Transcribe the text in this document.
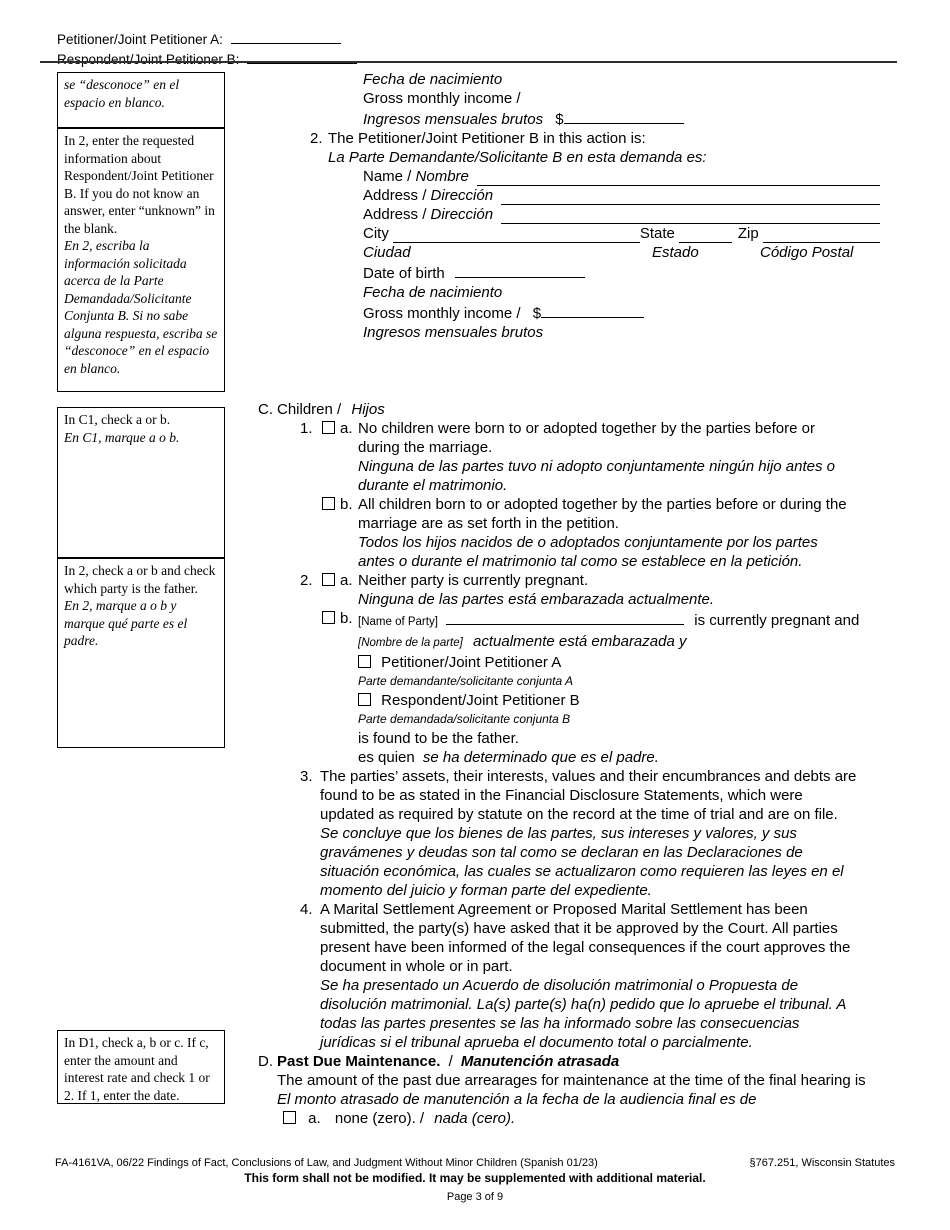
Petitioner/Joint Petitioner A:
Respondent/Joint Petitioner B:
se “desconoce” en el espacio en blanco.
In 2, enter the requested information about Respondent/Joint Petitioner B. If you do not know an answer, enter “unknown” in the blank.
En 2, escriba la información solicitada acerca de la Parte Demandada/Solicitante Conjunta B. Si no sabe alguna respuesta, escriba se “desconoce” en el espacio en blanco.
In C1, check a or b.
En C1, marque a o b.
In 2, check a or b and check which party is the father.
En 2, marque a o b y marque qué parte es el padre.
In D1, check a, b or c. If c, enter the amount and interest rate and check 1 or 2. If 1, enter the date.
Fecha de nacimiento
Gross monthly income /
Ingresos mensuales brutos $
2. The Petitioner/Joint Petitioner B in this action is:
La Parte Demandante/Solicitante B en esta demanda es:
Name / Nombre
Address / Dirección
Address / Dirección
City	State	Zip
Ciudad	Estado	Código Postal
Date of birth
Fecha de nacimiento
Gross monthly income / $
Ingresos mensuales brutos
C. Children / Hijos
1. a. No children were born to or adopted together by the parties before or
during the marriage.
Ninguna de las partes tuvo ni adopto conjuntamente ningún hijo antes o
durante el matrimonio.
b. All children born to or adopted together by the parties before or during the
marriage are as set forth in the petition.
Todos los hijos nacidos de o adoptados conjuntamente por los partes
antes o durante el matrimonio tal como se establece en la petición.
2. a. Neither party is currently pregnant.
Ninguna de las partes está embarazada actualmente.
b. [Name of Party]	is currently pregnant and
[Nombre de la parte] actualmente está embarazada y
Petitioner/Joint Petitioner A
Parte demandante/solicitante conjunta A
Respondent/Joint Petitioner B
Parte demandada/solicitante conjunta B
is found to be the father.
es quien se ha determinado que es el padre.
3. The parties’ assets, their interests, values and their encumbrances and debts are
found to be as stated in the Financial Disclosure Statements, which were
updated as required by statute on the record at the time of trial and are on file.
Se concluye que los bienes de las partes, sus intereses y valores, y sus
gravámenes y deudas son tal como se declaran en las Declaraciones de
situación económica, las cuales se actualizaron como requieren las leyes en el
momento del juicio y forman parte del expediente.
4. A Marital Settlement Agreement or Proposed Marital Settlement has been
submitted, the party(s) have asked that it be approved by the Court. All parties
present have been informed of the legal consequences if the court approves the
document in whole or in part.
Se ha presentado un Acuerdo de disolución matrimonial o Propuesta de
disolución matrimonial. La(s) parte(s) ha(n) pedido que lo apruebe el tribunal. A
todas las partes presentes se las ha informado sobre las consecuencias
jurídicas si el tribunal aprueba el documento total o parcialmente.
D. Past Due Maintenance. / Manutención atrasada
The amount of the past due arrearages for maintenance at the time of the final hearing is
El monto atrasado de manutención a la fecha de la audiencia final es de
a. none (zero). / nada (cero).
FA-4161VA, 06/22 Findings of Fact, Conclusions of Law, and Judgment Without Minor Children (Spanish 01/23)	§767.251, Wisconsin Statutes
This form shall not be modified. It may be supplemented with additional material.
Page 3 of 9
